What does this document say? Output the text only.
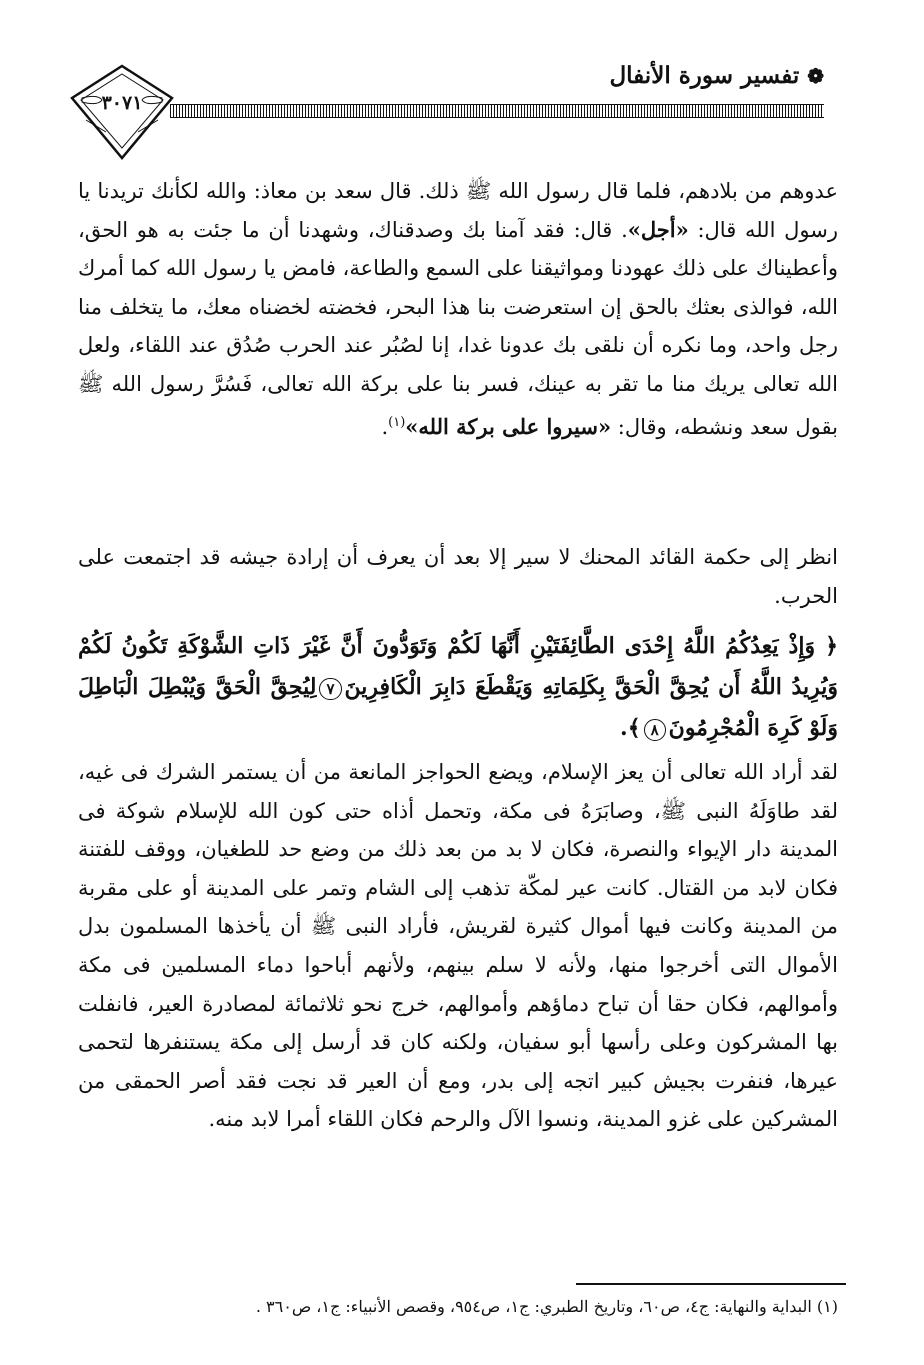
❁
تفسير سورة الأنفال
٣٠٧١
عدوهم من بلادهم، فلما قال رسول الله ﷺ ذلك. قال سعد بن معاذ: والله لكأنك تريدنا يا رسول الله قال: «أجل». قال: فقد آمنا بك وصدقناك، وشهدنا أن ما جئت به هو الحق، وأعطيناك على ذلك عهودنا ومواثيقنا على السمع والطاعة، فامض يا رسول الله كما أمرك الله، فوالذى بعثك بالحق إن استعرضت بنا هذا البحر، فخضته لخضناه معك، ما يتخلف منا رجل واحد، وما نكره أن نلقى بك عدونا غدا، إنا لصُبُر عند الحرب صُدُق عند اللقاء، ولعل الله تعالى يريك منا ما تقر به عينك، فسر بنا على بركة الله تعالى، فَسُرَّ رسول الله ﷺ بقول سعد ونشطه، وقال: «سيروا على بركة الله»$^{(١)}$.
انظر إلى حكمة القائد المحنك لا سير إلا بعد أن يعرف أن إرادة جيشه قد اجتمعت على الحرب.
﴿ وَإِذْ يَعِدُكُمُ اللَّهُ إِحْدَى الطَّائِفَتَيْنِ أَنَّهَا لَكُمْ وَتَوَدُّونَ أَنَّ غَيْرَ ذَاتِ الشَّوْكَةِ تَكُونُ لَكُمْ وَيُرِيدُ اللَّهُ أَن يُحِقَّ الْحَقَّ بِكَلِمَاتِهِ وَيَقْطَعَ دَابِرَ الْكَافِرِينَ٧لِيُحِقَّ الْحَقَّ وَيُبْطِلَ الْبَاطِلَ وَلَوْ كَرِهَ الْمُجْرِمُونَ٨﴾.
لقد أراد الله تعالى أن يعز الإسلام، ويضع الحواجز المانعة من أن يستمر الشرك فى غيه، لقد طاوَلَهُ النبى ﷺ، وصابَرَهُ فى مكة، وتحمل أذاه حتى كون الله للإسلام شوكة فى المدينة دار الإيواء والنصرة، فكان لا بد من بعد ذلك من وضع حد للطغيان، ووقف للفتنة فكان لابد من القتال. كانت عير لمكّة تذهب إلى الشام وتمر على المدينة أو على مقربة من المدينة وكانت فيها أموال كثيرة لقريش، فأراد النبى ﷺ أن يأخذها المسلمون بدل الأموال التى أخرجوا منها، ولأنه لا سلم بينهم، ولأنهم أباحوا دماء المسلمين فى مكة وأموالهم، فكان حقا أن تباح دماؤهم وأموالهم، خرج نحو ثلاثمائة لمصادرة العير، فانفلت بها المشركون وعلى رأسها أبو سفيان، ولكنه كان قد أرسل إلى مكة يستنفرها لتحمى عيرها، فنفرت بجيش كبير اتجه إلى بدر، ومع أن العير قد نجت فقد أصر الحمقى من المشركين على غزو المدينة، ونسوا الآل والرحم فكان اللقاء أمرا لابد منه.
(١) البداية والنهاية: ج٤، ص٦٠، وتاريخ الطبري: ج١، ص٩٥٤، وقصص الأنبياء: ج١، ص٣٦٠ .
